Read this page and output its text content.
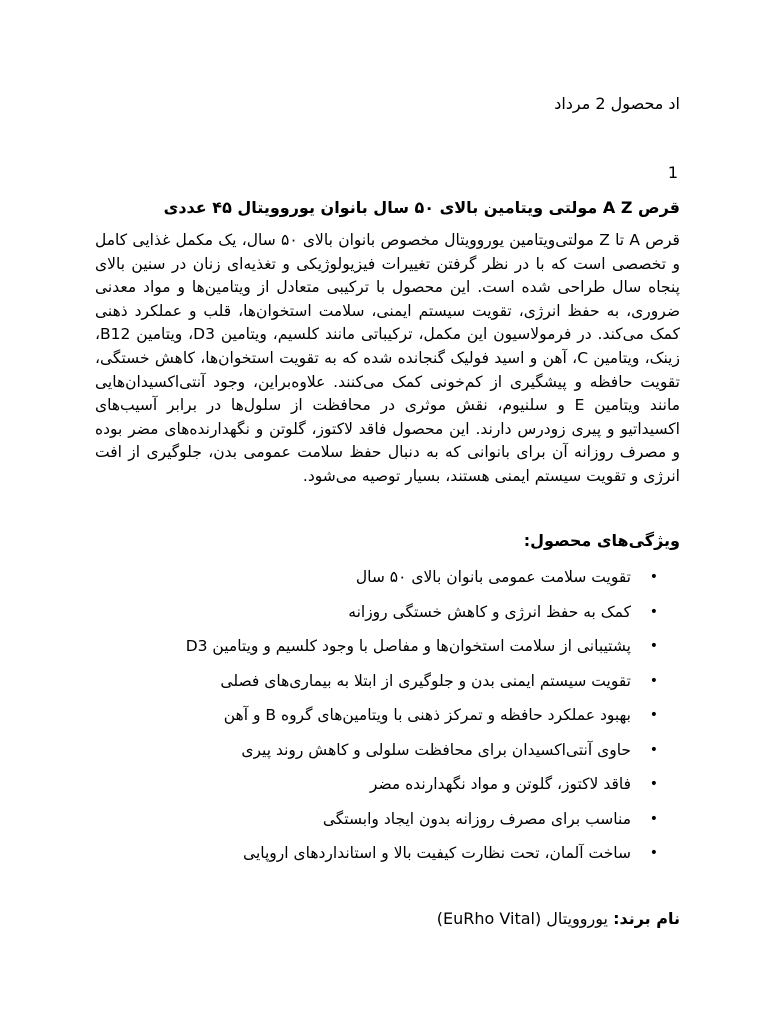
اد محصول 2 مرداد
1
قرص A Z مولتی ویتامین بالای ۵۰ سال بانوان یوروویتال ۴۵ عددی

قرص A تا Z مولتی‌ویتامین یوروویتال مخصوص بانوان بالای ۵۰ سال، یک مکمل غذایی کامل و تخصصی است که با در نظر گرفتن تغییرات فیزیولوژیکی و تغذیه‌ای زنان در سنین بالای پنجاه سال طراحی شده است. این محصول با ترکیبی متعادل از ویتامین‌ها و مواد معدنی ضروری، به حفظ انرژی، تقویت سیستم ایمنی، سلامت استخوان‌ها، قلب و عملکرد ذهنی کمک می‌کند. در فرمولاسیون این مکمل، ترکیباتی مانند کلسیم، ویتامین D3، ویتامین B12، زینک، ویتامین C، آهن و اسید فولیک گنجانده شده که به تقویت استخوان‌ها، کاهش خستگی، تقویت حافظه و پیشگیری از کم‌خونی کمک می‌کنند. علاوه‌براین، وجود آنتی‌اکسیدان‌هایی مانند ویتامین E و سلنیوم، نقش موثری در محافظت از سلول‌ها در برابر آسیب‌های اکسیداتیو و پیری زودرس دارند. این محصول فاقد لاکتوز، گلوتن و نگهدارنده‌های مضر بوده و مصرف روزانه آن برای بانوانی که به دنبال حفظ سلامت عمومی بدن، جلوگیری از افت انرژی و تقویت سیستم ایمنی هستند، بسیار توصیه می‌شود.

ویژگی‌های محصول:
•
تقویت سلامت عمومی بانوان بالای ۵۰ سال
•
کمک به حفظ انرژی و کاهش خستگی روزانه
•
پشتیبانی از سلامت استخوان‌ها و مفاصل با وجود کلسیم و ویتامین D3
•
تقویت سیستم ایمنی بدن و جلوگیری از ابتلا به بیماری‌های فصلی
•
بهبود عملکرد حافظه و تمرکز ذهنی با ویتامین‌های گروه B و آهن
•
حاوی آنتی‌اکسیدان برای محافظت سلولی و کاهش روند پیری
•
فاقد لاکتوز، گلوتن و مواد نگهدارنده مضر
•
مناسب برای مصرف روزانه بدون ایجاد وابستگی
•
ساخت آلمان، تحت نظارت کیفیت بالا و استانداردهای اروپایی

نام برند: یوروویتال (EuRho Vital)
